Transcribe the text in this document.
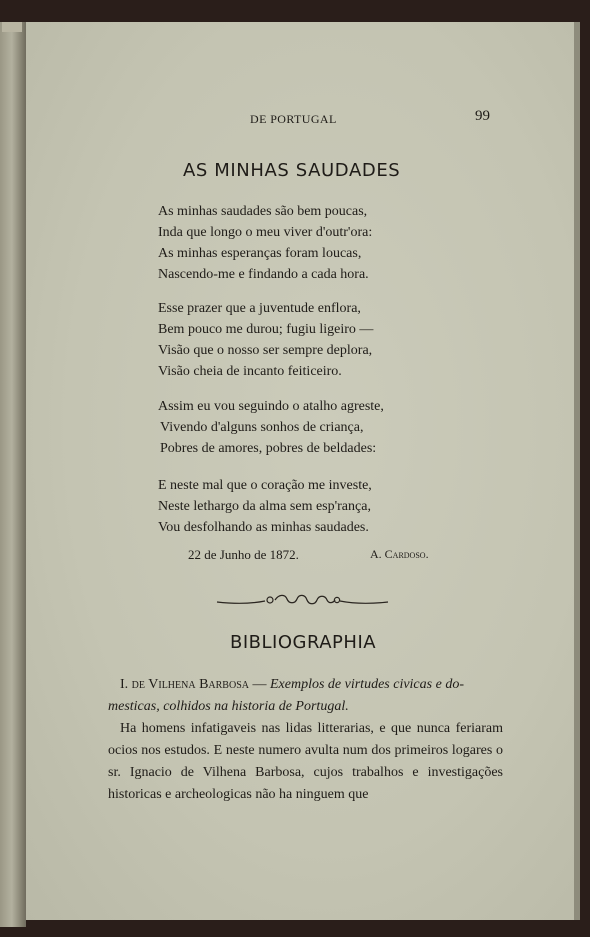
DE PORTUGAL	99
AS MINHAS SAUDADES
As minhas saudades são bem poucas,
Inda que longo o meu viver d'outr'ora:
As minhas esperanças foram loucas,
Nascendo-me e findando a cada hora.
Esse prazer que a juventude enflora,
Bem pouco me durou; fugiu ligeiro —
Visão que o nosso ser sempre deplora,
Visão cheia de incanto feiticeiro.
Assim eu vou seguindo o atalho agreste,
Vivendo d'alguns sonhos de criança,
Pobres de amores, pobres de beldades:
E neste mal que o coração me investe,
Neste lethargo da alma sem esp'rança,
Vou desfolhando as minhas saudades.
22 de Junho de 1872.	A. Cardoso.
BIBLIOGRAPHIA
I. de Vilhena Barbosa — Exemplos de virtudes civicas e do-
mesticas, colhidos na historia de Portugal.
Ha homens infatigaveis nas lidas litterarias, e que nunca feriaram ocios nos estudos. E neste numero avulta num dos primeiros logares o sr. Ignacio de Vilhena Barbosa, cujos trabalhos e investigações historicas e archeologicas não ha ninguem que
